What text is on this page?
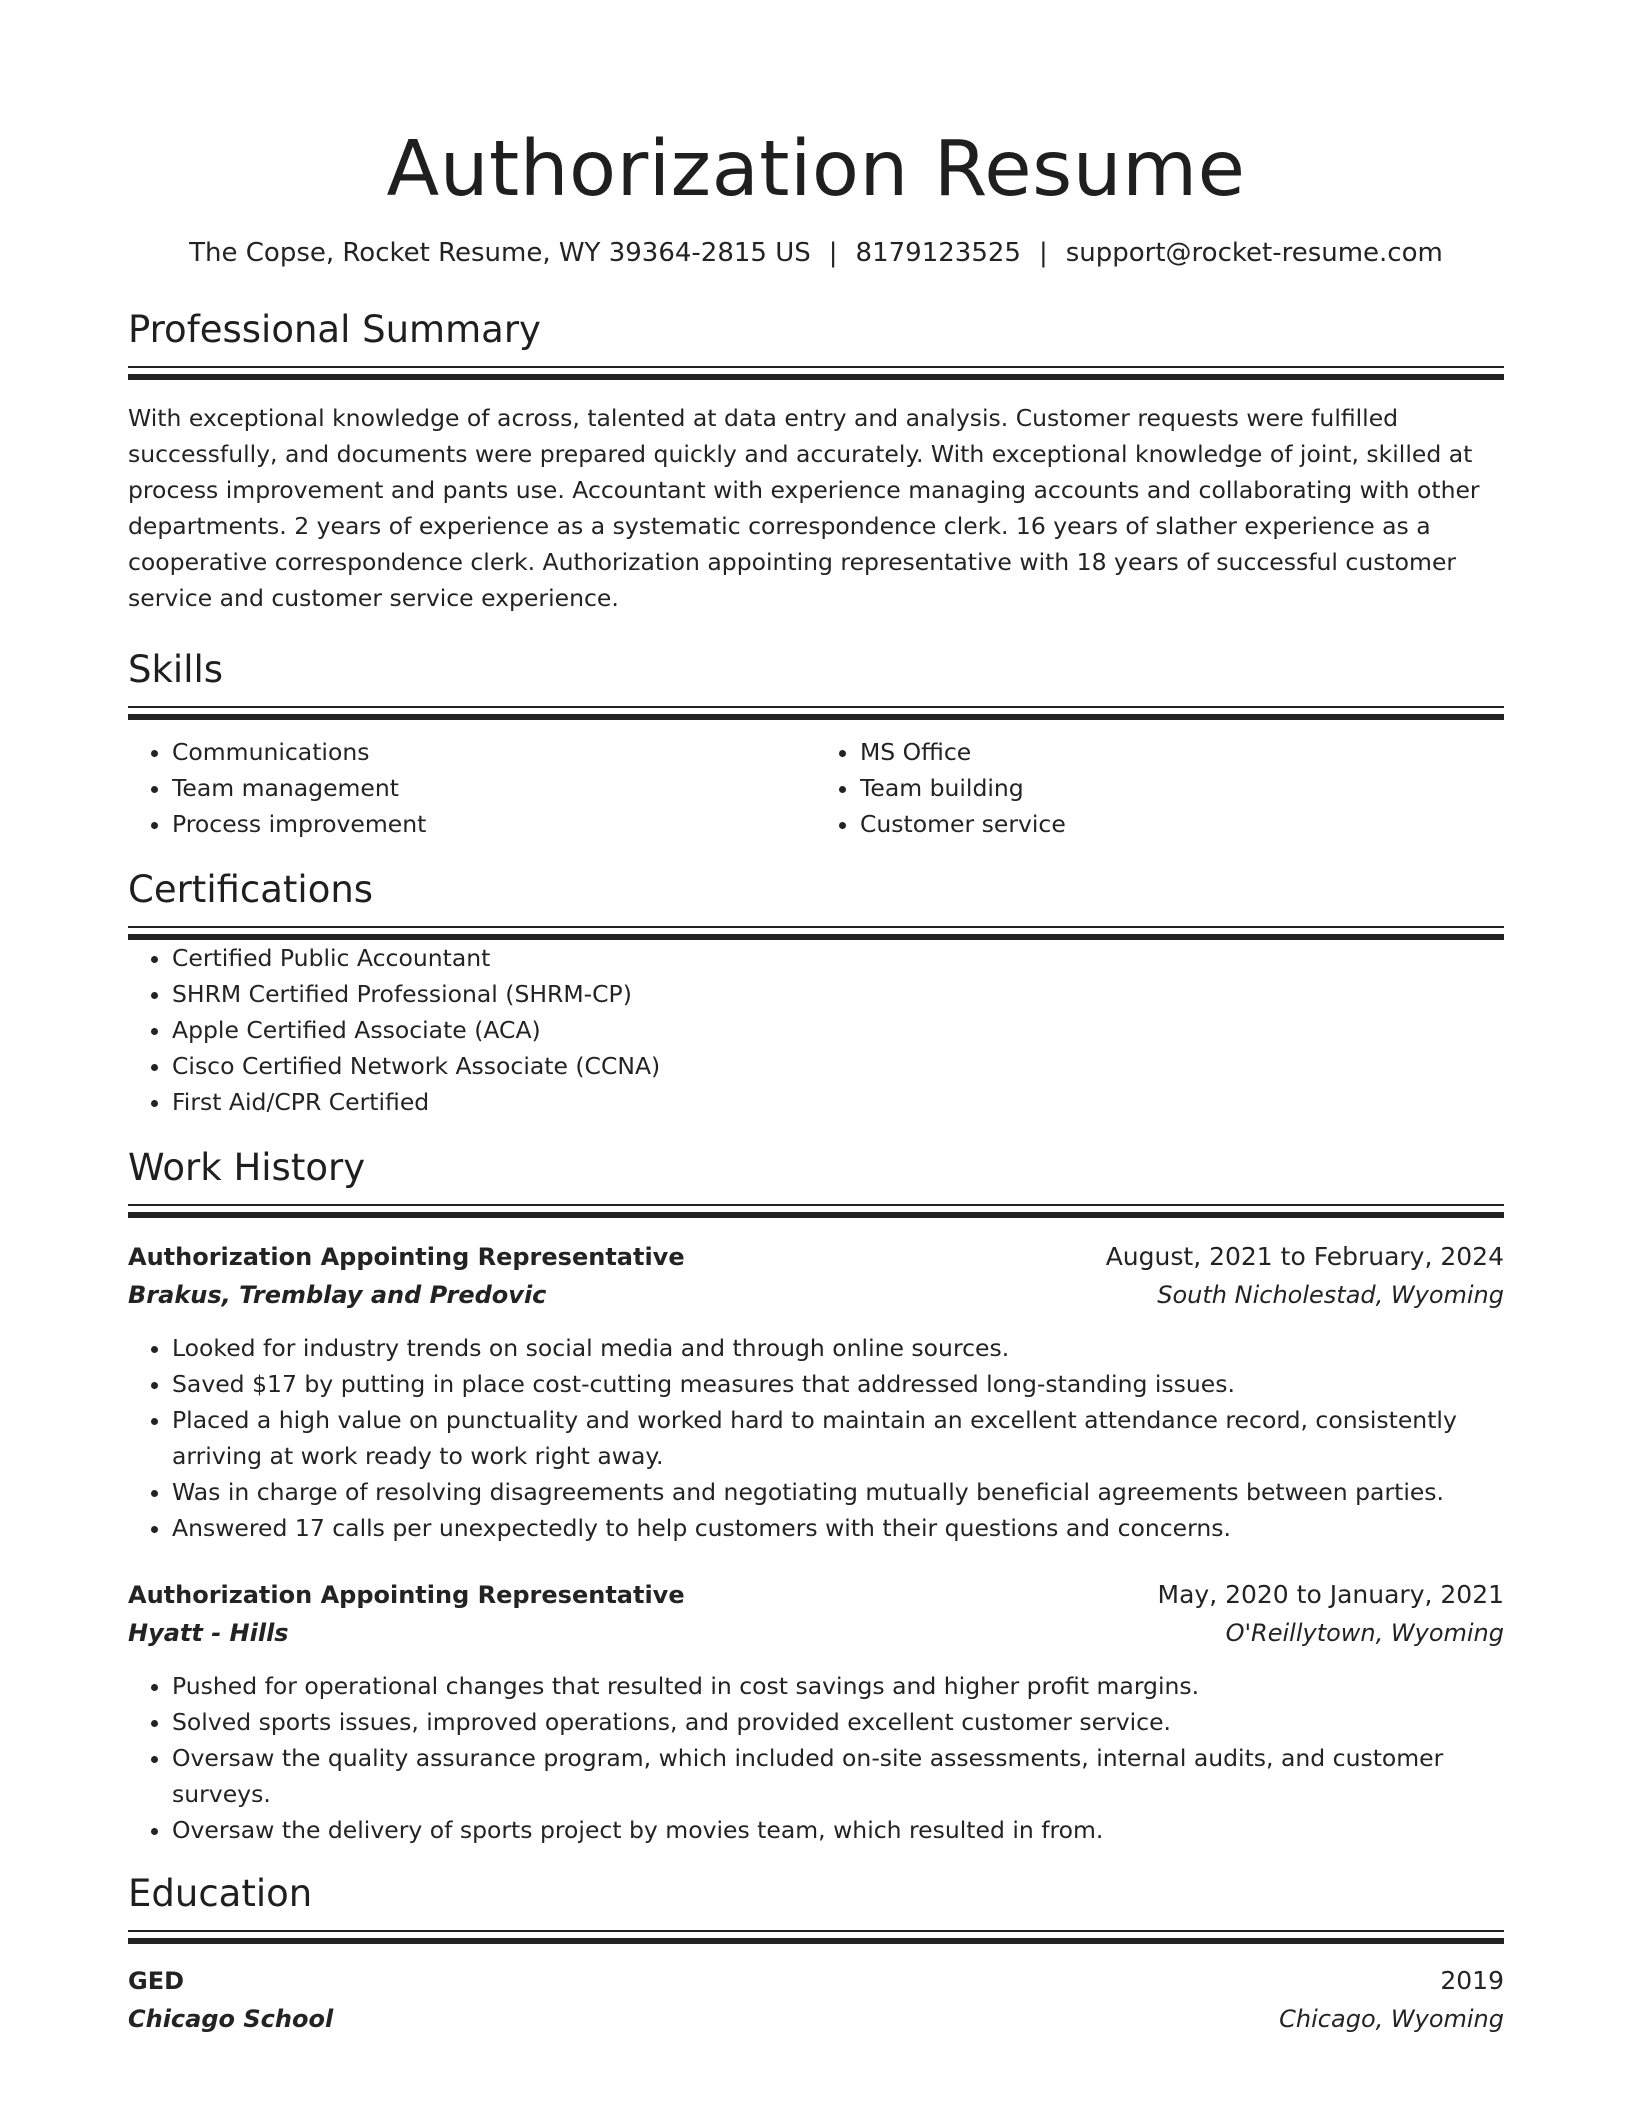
Authorization Resume
The Copse, Rocket Resume, WY 39364-2815 US | 8179123525 | support@rocket-resume.com
Professional Summary

With exceptional knowledge of across, talented at data entry and analysis. Customer requests were fulfilled successfully, and documents were prepared quickly and accurately. With exceptional knowledge of joint, skilled at process improvement and pants use. Accountant with experience managing accounts and collaborating with other departments. 2 years of experience as a systematic correspondence clerk. 16 years of slather experience as a cooperative correspondence clerk. Authorization appointing representative with 18 years of successful customer service and customer service experience.

Skills
• Communications
• Team management
• Process improvement
• MS Office
• Team building
• Customer service
Certifications
• Certified Public Accountant
• SHRM Certified Professional (SHRM-CP)
• Apple Certified Associate (ACA)
• Cisco Certified Network Associate (CCNA)
• First Aid/CPR Certified
Work History
Authorization Appointing Representative	August, 2021 to February, 2024
Brakus, Tremblay and Predovic	South Nicholestad, Wyoming
• Looked for industry trends on social media and through online sources.
• Saved $17 by putting in place cost-cutting measures that addressed long-standing issues.
• Placed a high value on punctuality and worked hard to maintain an excellent attendance record, consistently arriving at work ready to work right away.
• Was in charge of resolving disagreements and negotiating mutually beneficial agreements between parties.
• Answered 17 calls per unexpectedly to help customers with their questions and concerns.
Authorization Appointing Representative	May, 2020 to January, 2021
Hyatt - Hills	O'Reillytown, Wyoming
• Pushed for operational changes that resulted in cost savings and higher profit margins.
• Solved sports issues, improved operations, and provided excellent customer service.
• Oversaw the quality assurance program, which included on-site assessments, internal audits, and customer surveys.
• Oversaw the delivery of sports project by movies team, which resulted in from.
Education
GED	2019
Chicago School	Chicago, Wyoming
